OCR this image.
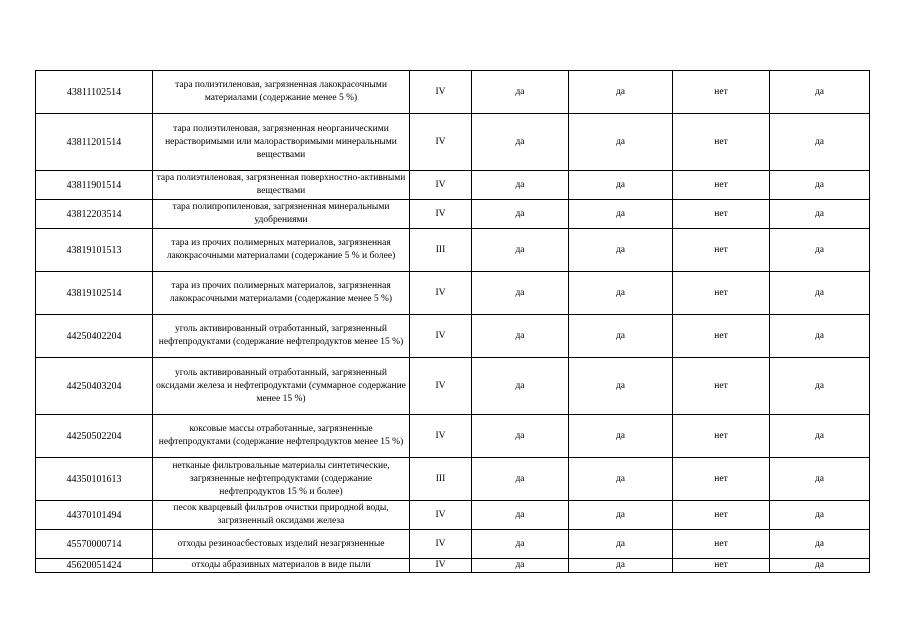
43811102514	тара полиэтиленовая, загрязненная лакокрасочными материалами (содержание менее 5 %)	IV	да	да	нет	да
43811201514	тара полиэтиленовая, загрязненная неорганическими нерастворимыми или малорастворимыми минеральными веществами	IV	да	да	нет	да
43811901514	тара полиэтиленовая, загрязненная поверхностно-активными веществами	IV	да	да	нет	да
43812203514	тара полипропиленовая, загрязненная минеральными удобрениями	IV	да	да	нет	да
43819101513	тара из прочих полимерных материалов, загрязненная лакокрасочными материалами (содержание 5 % и более)	III	да	да	нет	да
43819102514	тара из прочих полимерных материалов, загрязненная лакокрасочными материалами (содержание менее 5 %)	IV	да	да	нет	да
44250402204	уголь активированный отработанный, загрязненный нефтепродуктами (содержание нефтепродуктов менее 15 %)	IV	да	да	нет	да
44250403204	уголь активированный отработанный, загрязненный оксидами железа и нефтепродуктами (суммарное содержание менее 15 %)	IV	да	да	нет	да
44250502204	коксовые массы отработанные, загрязненные нефтепродуктами (содержание нефтепродуктов менее 15 %)	IV	да	да	нет	да
44350101613	нетканые фильтровальные материалы синтетические, загрязненные нефтепродуктами (содержание нефтепродуктов 15 % и более)	III	да	да	нет	да
44370101494	песок кварцевый фильтров очистки природной воды, загрязненный оксидами железа	IV	да	да	нет	да
45570000714	отходы резиноасбестовых изделий незагрязненные	IV	да	да	нет	да
45620051424	отходы абразивных материалов в виде пыли	IV	да	да	нет	да
